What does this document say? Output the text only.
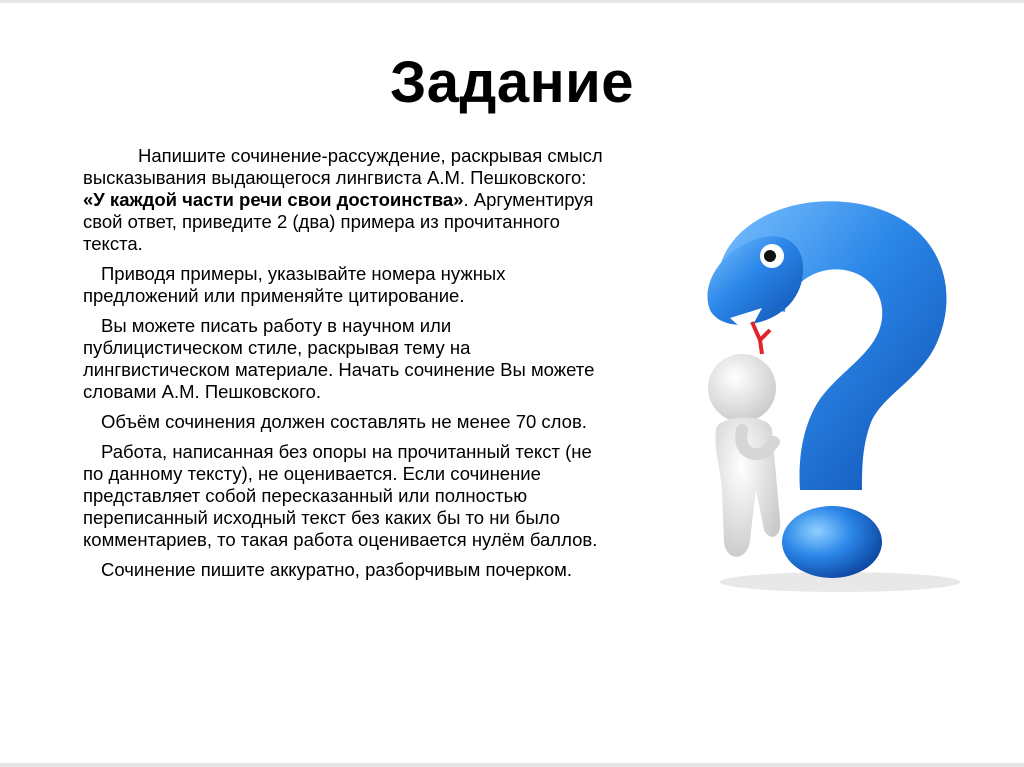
Задание

Напишите сочинение-рассуждение, раскрывая смысл высказывания выдающегося лингвиста А.М. Пешковского: «У каждой части речи свои достоинства». Аргументируя свой ответ, приведите 2 (два) примера из прочитанного текста.

Приводя примеры, указывайте номера нужных предложений или применяйте цитирование.

Вы можете писать работу в научном или публицистическом стиле, раскрывая тему на лингвистическом материале. Начать сочинение Вы можете словами А.М. Пешковского.

Объём сочинения должен составлять не менее 70 слов.

Работа, написанная без опоры на прочитанный текст (не по данному тексту), не оценивается. Если сочинение представляет собой пересказанный или полностью переписанный исходный текст без каких бы то ни было комментариев, то такая работа оценивается нулём баллов.

Сочинение пишите аккуратно, разборчивым почерком.
